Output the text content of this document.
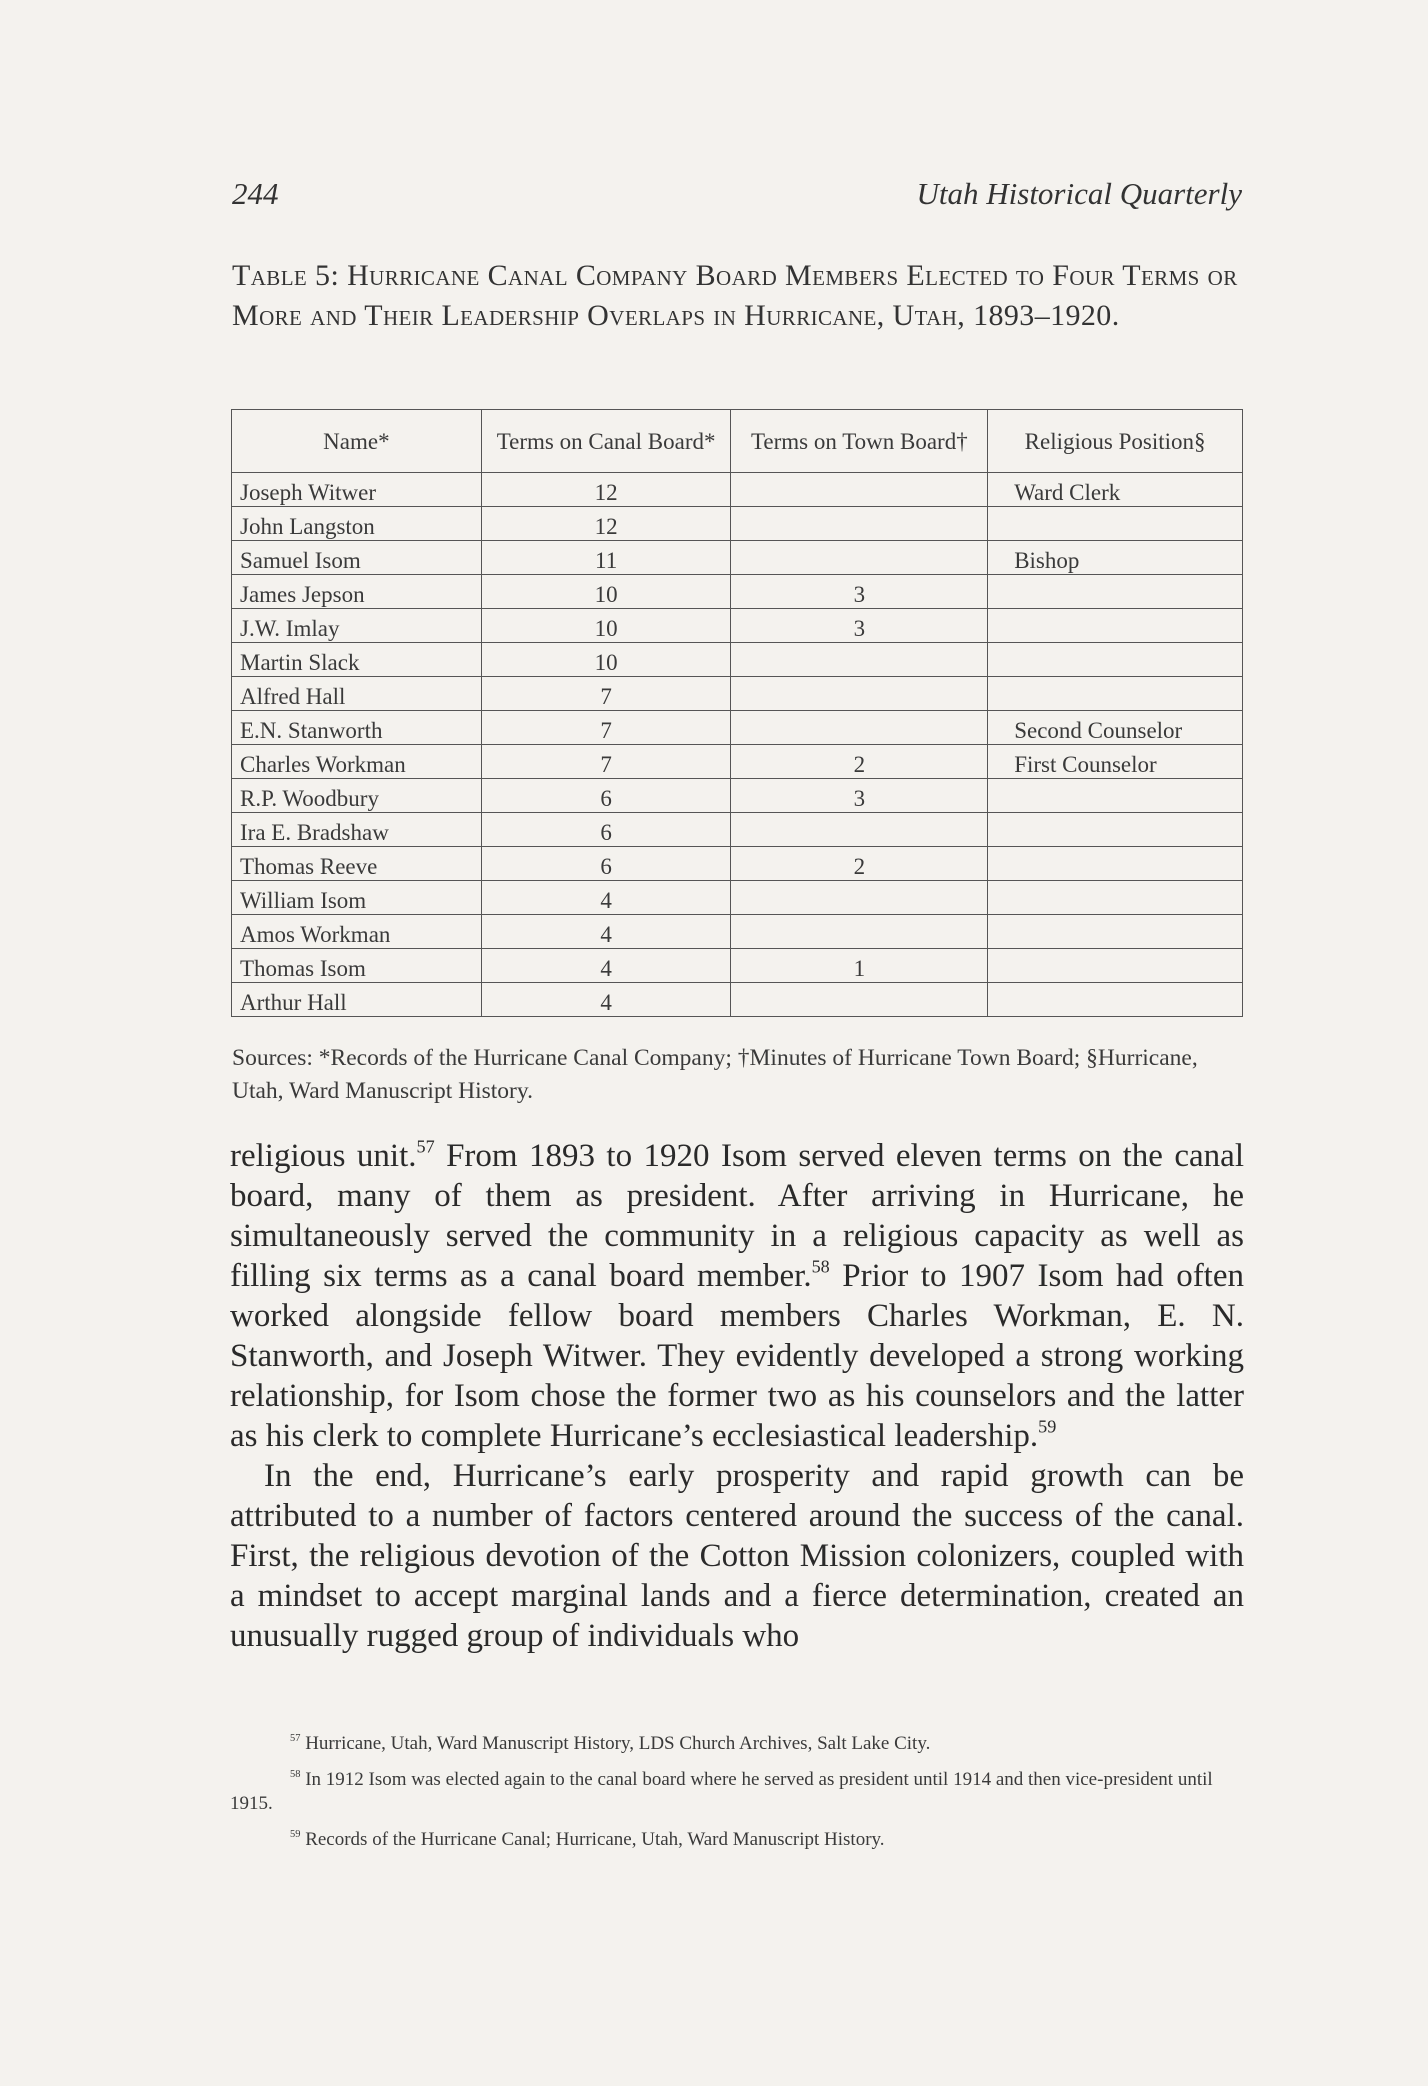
244	Utah Historical Quarterly
Table 5: Hurricane Canal Company Board Members Elected to Four Terms or More and Their Leadership Overlaps in Hurricane, Utah, 1893–1920.
Name*	Terms on Canal Board*	Terms on Town Board†	Religious Position§
Joseph Witwer	12		Ward Clerk
John Langston	12		
Samuel Isom	11		Bishop
James Jepson	10	3	
J.W. Imlay	10	3	
Martin Slack	10		
Alfred Hall	7		
E.N. Stanworth	7		Second Counselor
Charles Workman	7	2	First Counselor
R.P. Woodbury	6	3	
Ira E. Bradshaw	6		
Thomas Reeve	6	2	
William Isom	4		
Amos Workman	4		
Thomas Isom	4	1	
Arthur Hall	4		
Sources: *Records of the Hurricane Canal Company; †Minutes of Hurricane Town Board; §Hurricane, Utah, Ward Manuscript History.

religious unit.$^{57}$ From 1893 to 1920 Isom served eleven terms on the canal board, many of them as president. After arriving in Hurricane, he simultaneously served the community in a religious capacity as well as filling six terms as a canal board member.$^{58}$ Prior to 1907 Isom had often worked alongside fellow board members Charles Workman, E. N. Stanworth, and Joseph Witwer. They evidently developed a strong working relationship, for Isom chose the former two as his counselors and the latter as his clerk to complete Hurricane’s ecclesiastical leadership.$^{59}$

In the end, Hurricane’s early prosperity and rapid growth can be attributed to a number of factors centered around the success of the canal. First, the religious devotion of the Cotton Mission colonizers, coupled with a mindset to accept marginal lands and a fierce determination, created an unusually rugged group of individuals who

$^{57}$ Hurricane, Utah, Ward Manuscript History, LDS Church Archives, Salt Lake City.

$^{58}$ In 1912 Isom was elected again to the canal board where he served as president until 1914 and then vice-president until 1915.

$^{59}$ Records of the Hurricane Canal; Hurricane, Utah, Ward Manuscript History.
